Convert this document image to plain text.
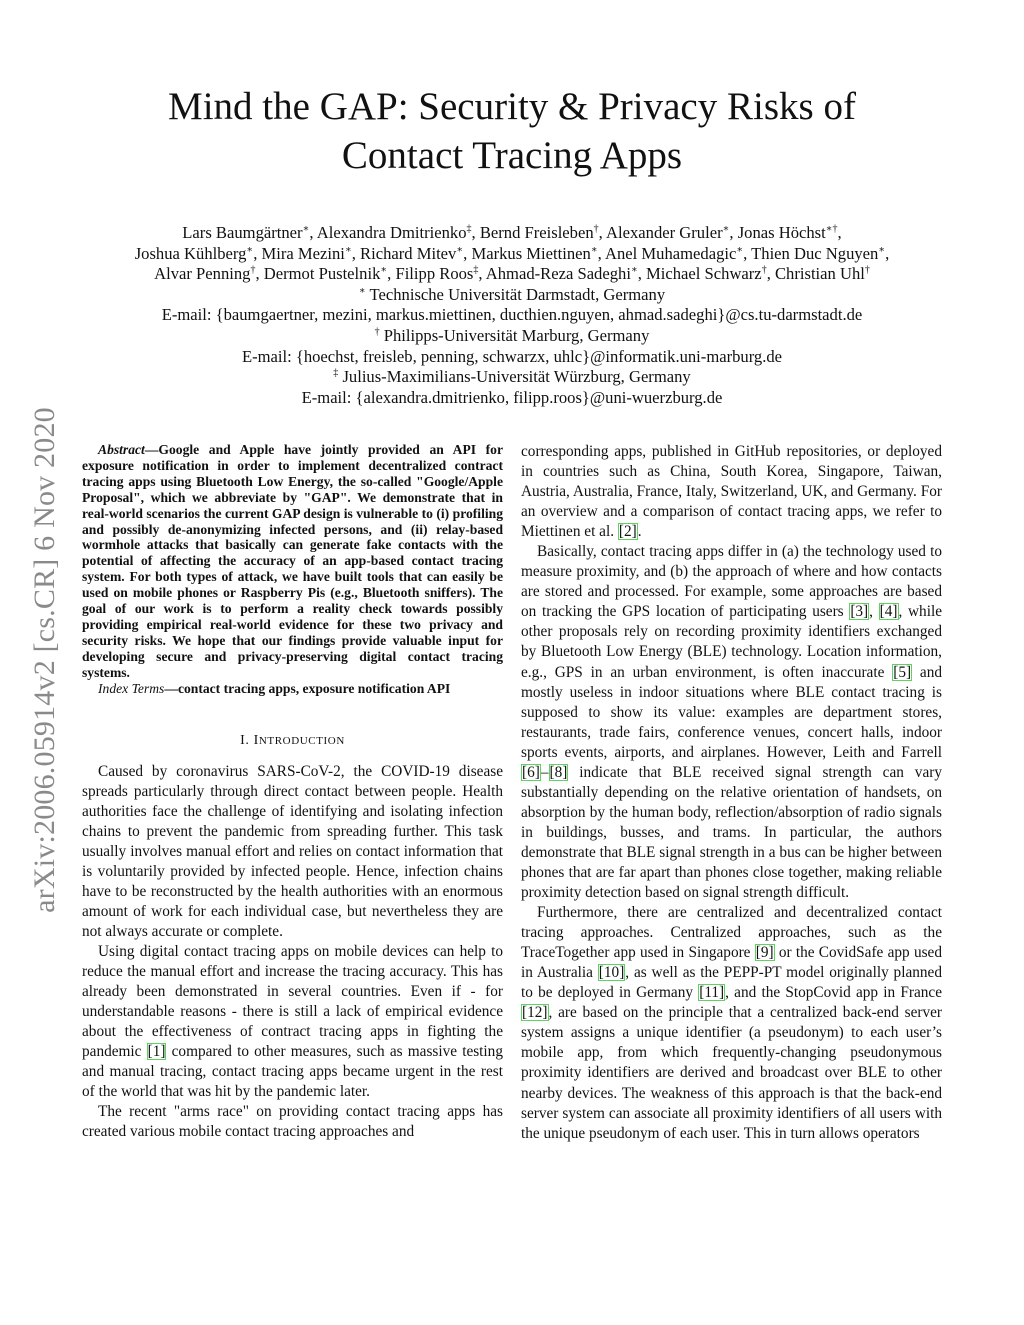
arXiv:2006.05914v2 [cs.CR] 6 Nov 2020
Mind the GAP: Security & Privacy Risks of
Contact Tracing Apps
Lars Baumgärtner∗, Alexandra Dmitrienko‡, Bernd Freisleben†, Alexander Gruler∗, Jonas Höchst∗†,
Joshua Kühlberg∗, Mira Mezini∗, Richard Mitev∗, Markus Miettinen∗, Anel Muhamedagic∗, Thien Duc Nguyen∗,
Alvar Penning†, Dermot Pustelnik∗, Filipp Roos‡, Ahmad-Reza Sadeghi∗, Michael Schwarz†, Christian Uhl†
∗ Technische Universität Darmstadt, Germany
E-mail: {baumgaertner, mezini, markus.miettinen, ducthien.nguyen, ahmad.sadeghi}@cs.tu-darmstadt.de
† Philipps-Universität Marburg, Germany
E-mail: {hoechst, freisleb, penning, schwarzx, uhlc}@informatik.uni-marburg.de
‡ Julius-Maximilians-Universität Würzburg, Germany
E-mail: {alexandra.dmitrienko, filipp.roos}@uni-wuerzburg.de

Abstract—Google and Apple have jointly provided an API for exposure notification in order to implement decentralized contract tracing apps using Bluetooth Low Energy, the so-called "Google/Apple Proposal", which we abbreviate by "GAP". We demonstrate that in real-world scenarios the current GAP design is vulnerable to (i) profiling and possibly de-anonymizing infected persons, and (ii) relay-based wormhole attacks that basically can generate fake contacts with the potential of affecting the accuracy of an app-based contact tracing system. For both types of attack, we have built tools that can easily be used on mobile phones or Raspberry Pis (e.g., Bluetooth sniffers). The goal of our work is to perform a reality check towards possibly providing empirical real-world evidence for these two privacy and security risks. We hope that our findings provide valuable input for developing secure and privacy-preserving digital contact tracing systems.

Index Terms—contact tracing apps, exposure notification API

I. INTRODUCTION

Caused by coronavirus SARS-CoV-2, the COVID-19 disease spreads particularly through direct contact between people. Health authorities face the challenge of identifying and isolating infection chains to prevent the pandemic from spreading further. This task usually involves manual effort and relies on contact information that is voluntarily provided by infected people. Hence, infection chains have to be reconstructed by the health authorities with an enormous amount of work for each individual case, but nevertheless they are not always accurate or complete.

Using digital contact tracing apps on mobile devices can help to reduce the manual effort and increase the tracing accuracy. This has already been demonstrated in several countries. Even if - for understandable reasons - there is still a lack of empirical evidence about the effectiveness of contract tracing apps in fighting the pandemic [1] compared to other measures, such as massive testing and manual tracing, contact tracing apps became urgent in the rest of the world that was hit by the pandemic later.

The recent "arms race" on providing contact tracing apps has created various mobile contact tracing approaches and

corresponding apps, published in GitHub repositories, or deployed in countries such as China, South Korea, Singapore, Taiwan, Austria, Australia, France, Italy, Switzerland, UK, and Germany. For an overview and a comparison of contact tracing apps, we refer to Miettinen et al. [2].

Basically, contact tracing apps differ in (a) the technology used to measure proximity, and (b) the approach of where and how contacts are stored and processed. For example, some approaches are based on tracking the GPS location of participating users [3], [4], while other proposals rely on recording proximity identifiers exchanged by Bluetooth Low Energy (BLE) technology. Location information, e.g., GPS in an urban environment, is often inaccurate [5] and mostly useless in indoor situations where BLE contact tracing is supposed to show its value: examples are department stores, restaurants, trade fairs, conference venues, concert halls, indoor sports events, airports, and airplanes. However, Leith and Farrell [6]–[8] indicate that BLE received signal strength can vary substantially depending on the relative orientation of handsets, on absorption by the human body, reflection/absorption of radio signals in buildings, busses, and trams. In particular, the authors demonstrate that BLE signal strength in a bus can be higher between phones that are far apart than phones close together, making reliable proximity detection based on signal strength difficult.

Furthermore, there are centralized and decentralized contact tracing approaches. Centralized approaches, such as the TraceTogether app used in Singapore [9] or the CovidSafe app used in Australia [10], as well as the PEPP-PT model originally planned to be deployed in Germany [11], and the StopCovid app in France [12], are based on the principle that a centralized back-end server system assigns a unique identifier (a pseudonym) to each user’s mobile app, from which frequently-changing pseudonymous proximity identifiers are derived and broadcast over BLE to other nearby devices. The weakness of this approach is that the back-end server system can associate all proximity identifiers of all users with the unique pseudonym of each user. This in turn allows operators
